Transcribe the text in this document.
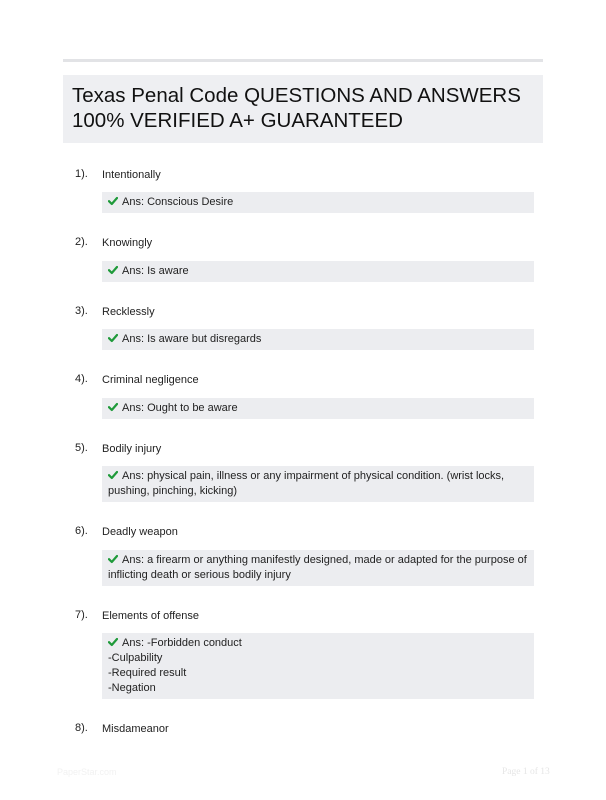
Texas Penal Code QUESTIONS AND ANSWERS
100% VERIFIED A+ GUARANTEED
1). Intentionally
Ans: Conscious Desire
2). Knowingly
Ans: Is aware
3). Recklessly
Ans: Is aware but disregards
4). Criminal negligence
Ans: Ought to be aware
5). Bodily injury
Ans: physical pain, illness or any impairment of physical condition. (wrist locks,
pushing, pinching, kicking)
6). Deadly weapon
Ans: a firearm or anything manifestly designed, made or adapted for the purpose of
inflicting death or serious bodily injury
7). Elements of offense
Ans: -Forbidden conduct
-Culpability
-Required result
-Negation
8). Misdameanor
PaperStar.com	Page 1 of 13
